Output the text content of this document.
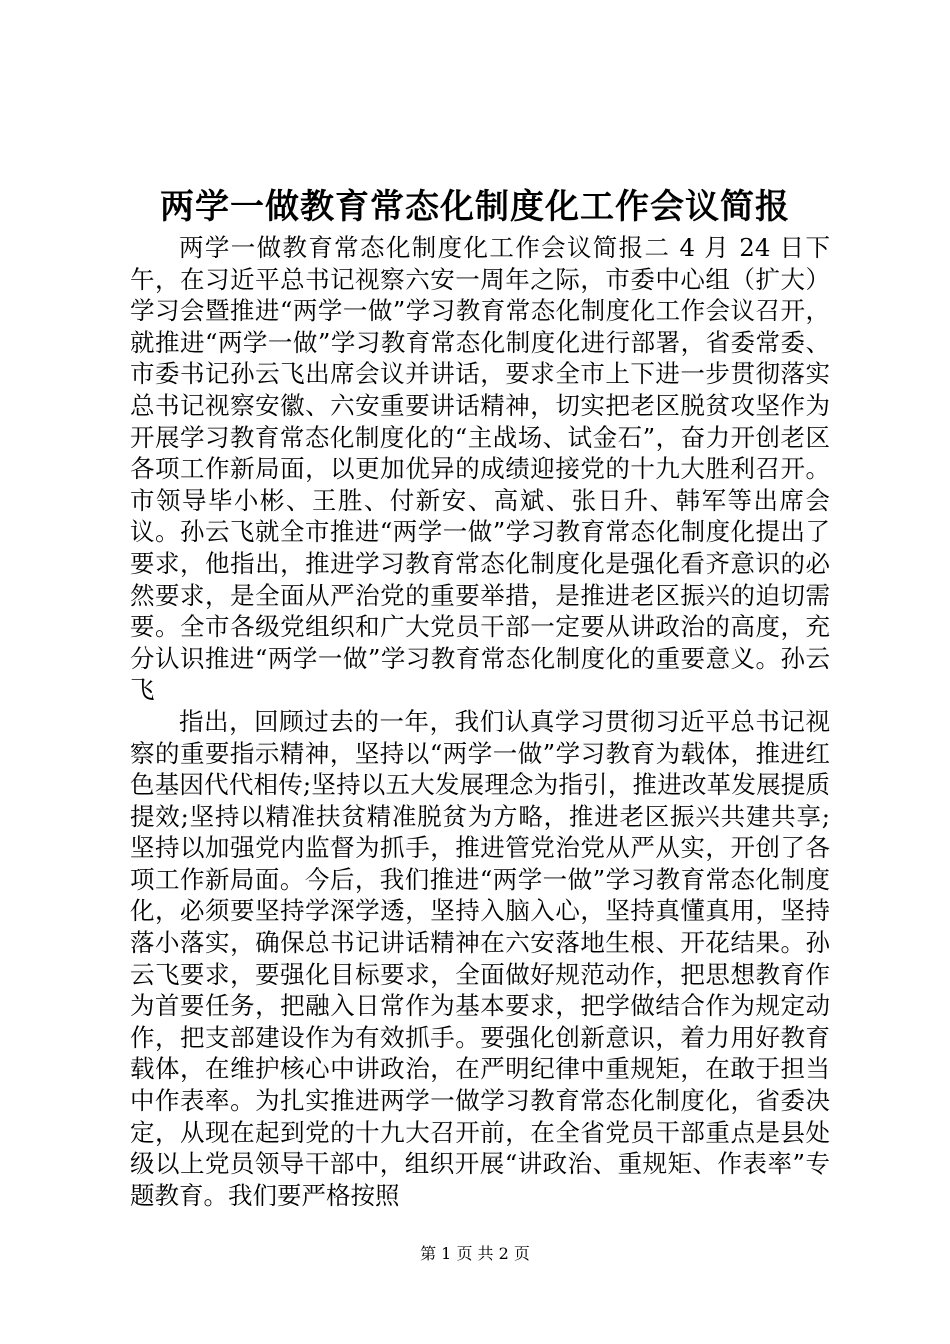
两学一做教育常态化制度化工作会议简报

两学一做教育常态化制度化工作会议简报二 4 月 24 日下午，在习近平总书记视察六安一周年之际，市委中心组（扩大）学习会暨推进“两学一做”学习教育常态化制度化工作会议召开，就推进“两学一做”学习教育常态化制度化进行部署，省委常委、市委书记孙云飞出席会议并讲话，要求全市上下进一步贯彻落实总书记视察安徽、六安重要讲话精神，切实把老区脱贫攻坚作为开展学习教育常态化制度化的“主战场、试金石”，奋力开创老区各项工作新局面，以更加优异的成绩迎接党的十九大胜利召开。市领导毕小彬、王胜、付新安、高斌、张日升、韩军等出席会议。孙云飞就全市推进“两学一做”学习教育常态化制度化提出了要求，他指出，推进学习教育常态化制度化是强化看齐意识的必然要求，是全面从严治党的重要举措，是推进老区振兴的迫切需要。全市各级党组织和广大党员干部一定要从讲政治的高度，充分认识推进“两学一做”学习教育常态化制度化的重要意义。孙云飞

指出，回顾过去的一年，我们认真学习贯彻习近平总书记视察的重要指示精神，坚持以“两学一做”学习教育为载体，推进红色基因代代相传;坚持以五大发展理念为指引，推进改革发展提质提效;坚持以精准扶贫精准脱贫为方略，推进老区振兴共建共享;坚持以加强党内监督为抓手，推进管党治党从严从实，开创了各项工作新局面。今后，我们推进“两学一做”学习教育常态化制度化，必须要坚持学深学透，坚持入脑入心，坚持真懂真用，坚持落小落实，确保总书记讲话精神在六安落地生根、开花结果。孙云飞要求，要强化目标要求，全面做好规范动作，把思想教育作为首要任务，把融入日常作为基本要求，把学做结合作为规定动作，把支部建设作为有效抓手。要强化创新意识，着力用好教育载体，在维护核心中讲政治，在严明纪律中重规矩，在敢于担当中作表率。为扎实推进两学一做学习教育常态化制度化，省委决定，从现在起到党的十九大召开前，在全省党员干部重点是县处级以上党员领导干部中，组织开展“讲政治、重规矩、作表率”专题教育。我们要严格按照

第 1 页 共 2 页
